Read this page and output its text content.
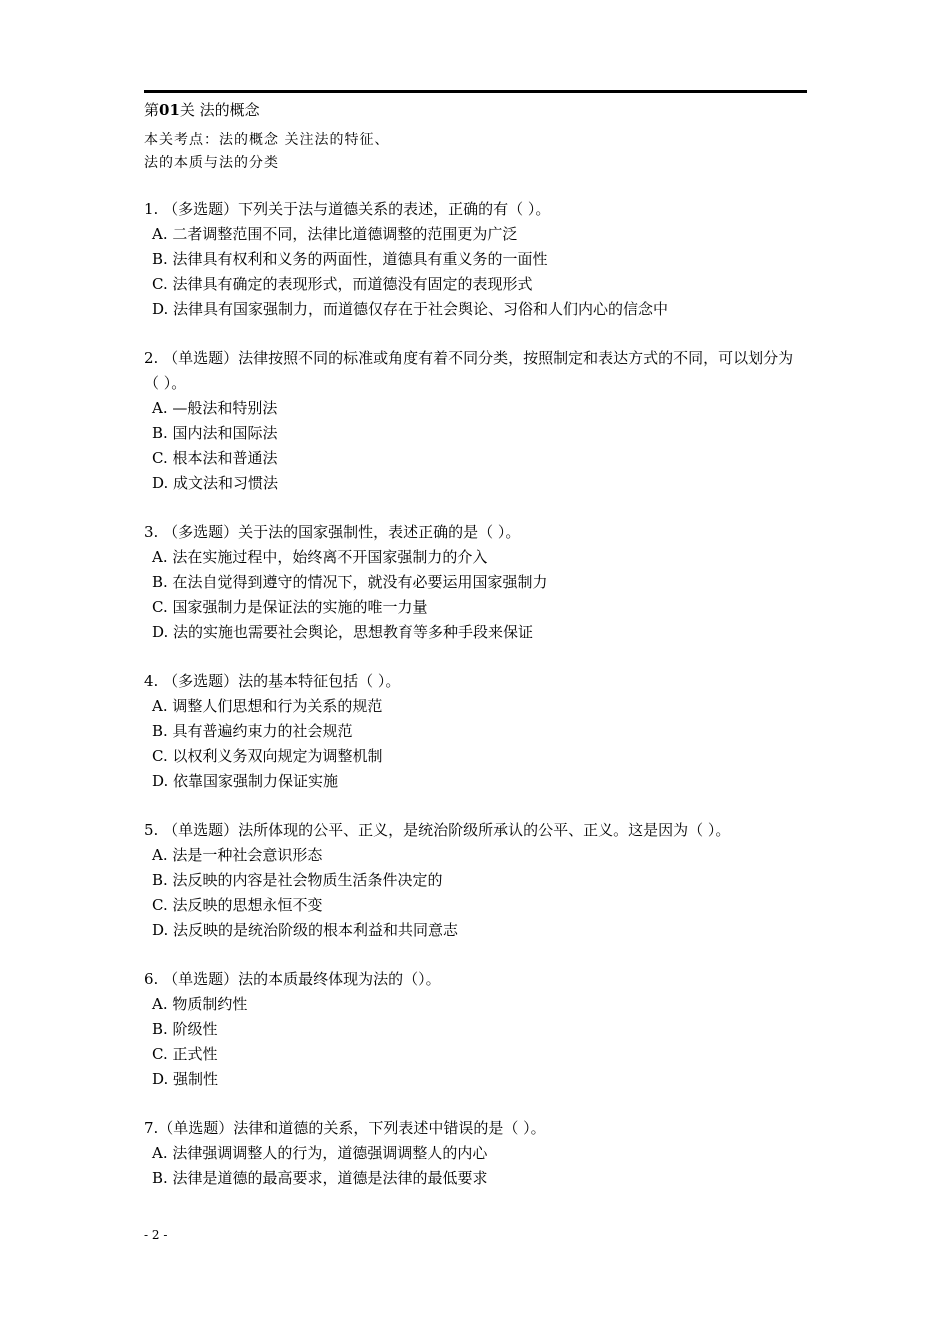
第01关 法的概念
本关考点：法的概念 关注法的特征、
法的本质与法的分类

1. （多选题）下列关于法与道德关系的表述，正确的有（ ）。

A. 二者调整范围不同，法律比道德调整的范围更为广泛
B. 法律具有权利和义务的两面性，道德具有重义务的一面性
C. 法律具有确定的表现形式，而道德没有固定的表现形式
D. 法律具有国家强制力，而道德仅存在于社会舆论、习俗和人们内心的信念中

2. （单选题）法律按照不同的标准或角度有着不同分类，按照制定和表达方式的不同，可以划分为（ ）。

A. —般法和特别法
B. 国内法和国际法
C. 根本法和普通法
D. 成文法和习惯法

3. （多选题）关于法的国家强制性，表述正确的是（ ）。

A. 法在实施过程中，始终离不开国家强制力的介入
B. 在法自觉得到遵守的情况下，就没有必要运用国家强制力
C. 国家强制力是保证法的实施的唯一力量
D. 法的实施也需要社会舆论，思想教育等多种手段来保证

4. （多选题）法的基本特征包括（ ）。

A. 调整人们思想和行为关系的规范
B. 具有普遍约束力的社会规范
C. 以权利义务双向规定为调整机制
D. 依靠国家强制力保证实施

5. （单选题）法所体现的公平、正义，是统治阶级所承认的公平、正义。这是因为（ ）。

A. 法是一种社会意识形态
B. 法反映的内容是社会物质生活条件决定的
C. 法反映的思想永恒不变
D. 法反映的是统治阶级的根本利益和共同意志

6. （单选题）法的本质最终体现为法的（）。

A. 物质制约性
B. 阶级性
C. 正式性
D. 强制性

7.（单选题）法律和道德的关系，下列表述中错误的是（ ）。

A. 法律强调调整人的行为，道德强调调整人的内心
B. 法律是道德的最高要求，道德是法律的最低要求
- 2 -
